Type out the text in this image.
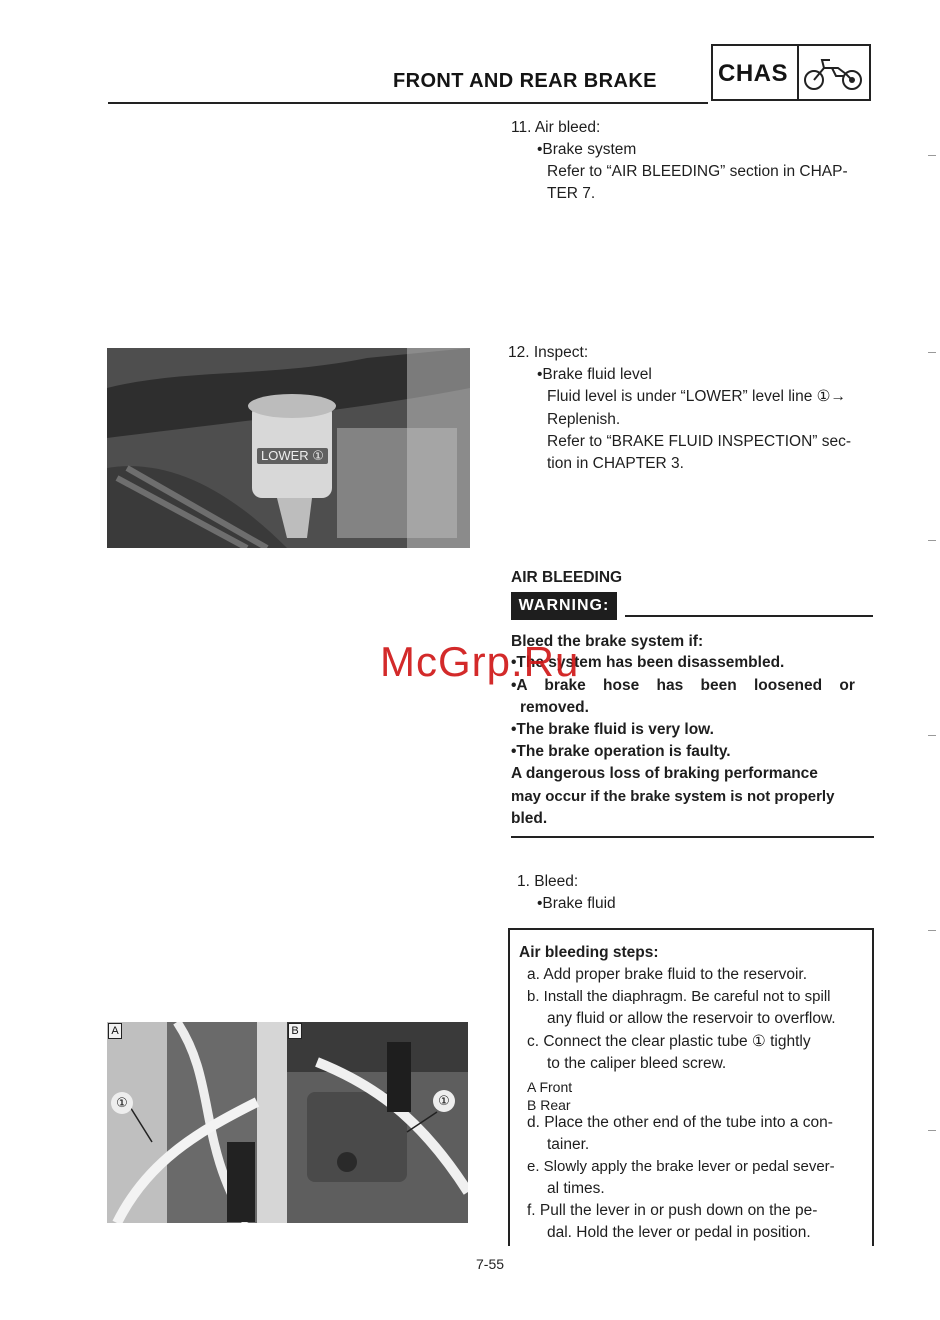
FRONT AND REAR BRAKE	CHAS
11. Air bleed:
•Brake system
Refer to “AIR BLEEDING” section in CHAP-
TER 7.
LOWER ①
12. Inspect:
•Brake fluid level
Fluid level is under “LOWER” level line ①→
Replenish.
Refer to “BRAKE FLUID INSPECTION” sec-
tion in CHAPTER 3.
AIR BLEEDING
WARNING:
Bleed the brake system if:
•The system has been disassembled.
•A brake hose has been loosened or
removed.
•The brake fluid is very low.
•The brake operation is faulty.
A dangerous loss of braking performance
may occur if the brake system is not properly
bled.
1. Bleed:
•Brake fluid
Air bleeding steps:
a. Add proper brake fluid to the reservoir.
b. Install the diaphragm. Be careful not to spill
any fluid or allow the reservoir to overflow.
c. Connect the clear plastic tube ① tightly
to the caliper bleed screw.
A Front
B Rear
d. Place the other end of the tube into a con-
tainer.
e. Slowly apply the brake lever or pedal sever-
al times.
f. Pull the lever in or push down on the pe-
dal. Hold the lever or pedal in position.
A
①
B
①
McGrp.Ru
7-55
